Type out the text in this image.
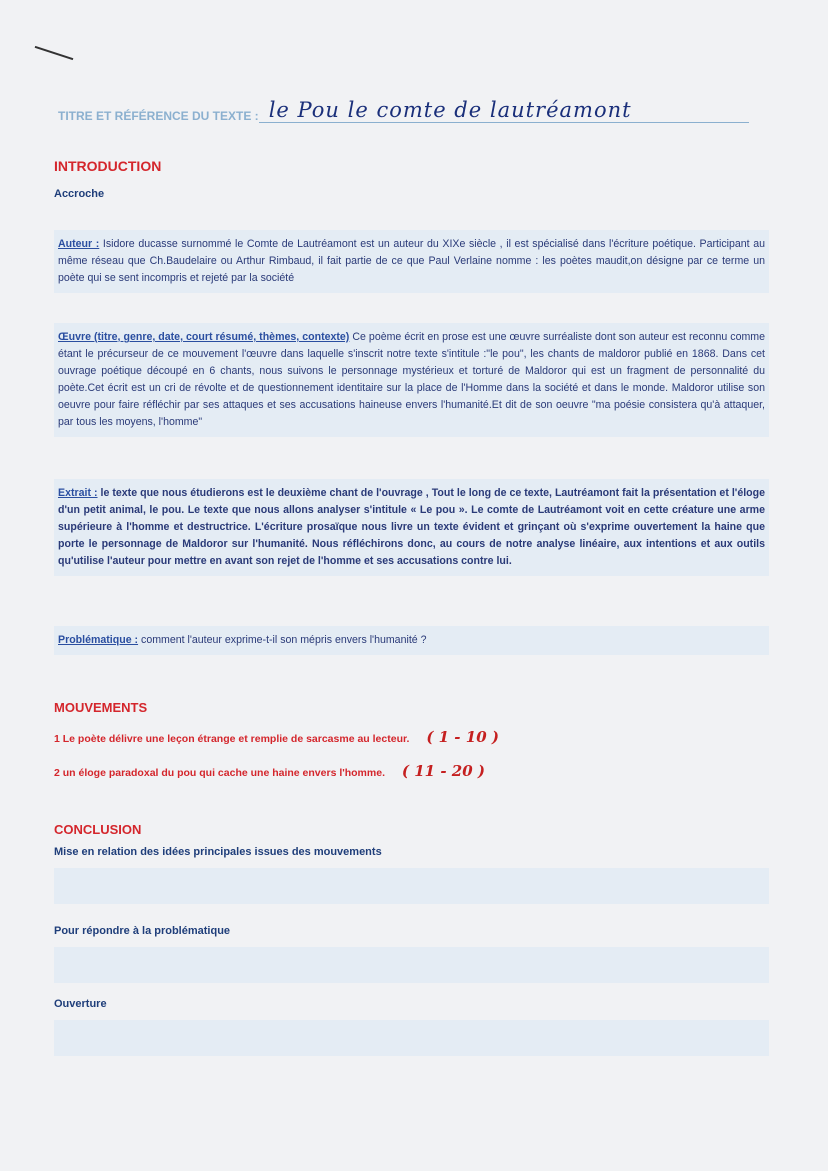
TITRE ET RÉFÉRENCE DU TEXTE : le Pou le comte de lautréamont
INTRODUCTION
Accroche
Auteur : Isidore ducasse surnommé le Comte de Lautréamont est un auteur du XIXe siècle , il est spécialisé dans l'écriture poétique. Participant au même réseau que Ch.Baudelaire ou Arthur Rimbaud, il fait partie de ce que Paul Verlaine nomme : les poètes maudit,on désigne par ce terme un poète qui se sent incompris et rejeté par la société
Œuvre (titre, genre, date, court résumé, thèmes, contexte) Ce poème écrit en prose est une œuvre surréaliste dont son auteur est reconnu comme étant le précurseur de ce mouvement l'œuvre dans laquelle s'inscrit notre texte s'intitule :"le pou", les chants de maldoror publié en 1868. Dans cet ouvrage poétique découpé en 6 chants, nous suivons le personnage mystérieux et torturé de Maldoror qui est un fragment de personnalité du poète.Cet écrit est un cri de révolte et de questionnement identitaire sur la place de l'Homme dans la société et dans le monde. Maldoror utilise son oeuvre pour faire réfléchir par ses attaques et ses accusations haineuse envers l'humanité.Et dit de son oeuvre "ma poésie consistera qu'à attaquer, par tous les moyens, l'homme"
Extrait : le texte que nous étudierons est le deuxième chant de l'ouvrage , Tout le long de ce texte, Lautréamont fait la présentation et l'éloge d'un petit animal, le pou. Le texte que nous allons analyser s'intitule « Le pou ». Le comte de Lautréamont voit en cette créature une arme supérieure à l'homme et destructrice. L'écriture prosaïque nous livre un texte évident et grinçant où s'exprime ouvertement la haine que porte le personnage de Maldoror sur l'humanité. Nous réfléchirons donc, au cours de notre analyse linéaire, aux intentions et aux outils qu'utilise l'auteur pour mettre en avant son rejet de l'homme et ses accusations contre lui.
Problématique : comment l'auteur exprime-t-il son mépris envers l'humanité ?
MOUVEMENTS
1 Le poète délivre une leçon étrange et remplie de sarcasme au lecteur. ( 1 - 10 )
2 un éloge paradoxal du pou qui cache une haine envers l'homme. ( 11 - 20 )
CONCLUSION
Mise en relation des idées principales issues des mouvements
Pour répondre à la problématique
Ouverture
